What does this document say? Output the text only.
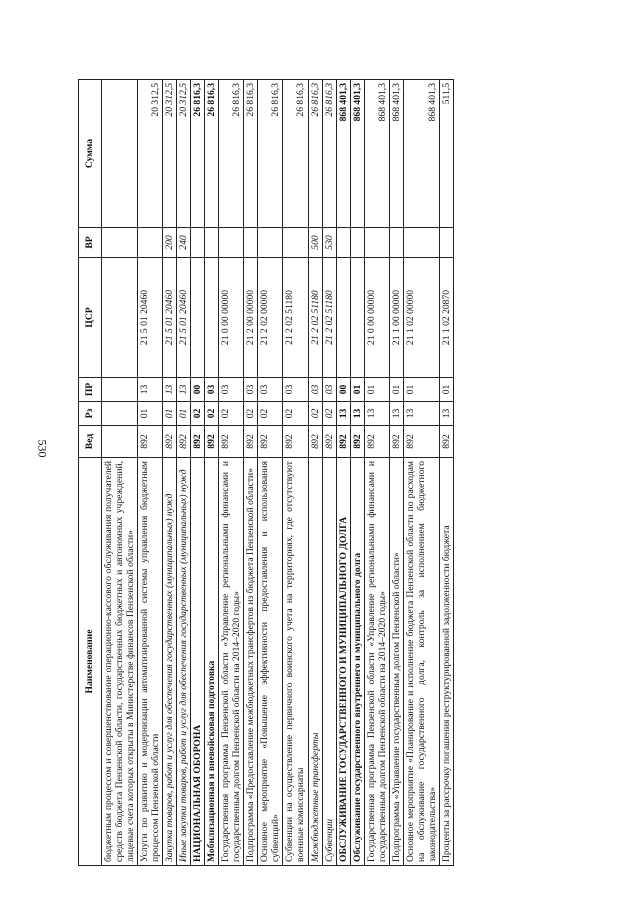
530
Наименование	Вед	Рз	ПР	ЦСР	ВР	Сумма
бюджетным процессом и совершенствование операционно-кассового обслуживания получателей средств бюджета Пензенской области, государственных бюджетных и автономных учреждений, лицевые счета которых открыты в Министерстве финансов Пензенской области»						
Услуги по развитию и модернизации автоматизированной системы управления бюджетным процессом Пензенской области	892	01	13	21 5 01 20460		20 312,5
Закупка товаров, работ и услуг для обеспечения государственных (муниципальных) нужд	892	01	13	21 5 01 20460	200	20 312,5
Иные закупки товаров, работ и услуг для обеспечения государственных (муниципальных) нужд	892	01	13	21 5 01 20460	240	20 312,5
НАЦИОНАЛЬНАЯ ОБОРОНА	892	02	00			26 816,3
Мобилизационная и вневойсковая подготовка	892	02	03			26 816,3
Государственная программа Пензенской области «Управление региональными финансами и государственным долгом Пензенской области на 2014–2020 годы»	892	02	03	21 0 00 00000		26 816,3
Подпрограмма «Предоставление межбюджетных трансфертов из бюджета Пензенской области»	892	02	03	21 2 00 00000		26 816,3
Основное мероприятие «Повышение эффективности предоставления и использования субвенций»	892	02	03	21 2 02 00000		26 816,3
Субвенции на осуществление первичного воинского учета на территориях, где отсутствуют военные комиссариаты	892	02	03	21 2 02 51180		26 816,3
Межбюджетные трансферты	892	02	03	21 2 02 51180	500	26 816,3
Субвенции	892	02	03	21 2 02 51180	530	26 816,3
ОБСЛУЖИВАНИЕ ГОСУДАРСТВЕННОГО И МУНИЦИПАЛЬНОГО ДОЛГА	892	13	00			868 401,3
Обслуживание государственного внутреннего и муниципального долга	892	13	01			868 401,3
Государственная программа Пензенской области «Управление региональными финансами и государственным долгом Пензенской области на 2014–2020 годы»	892	13	01	21 0 00 00000		868 401,3
Подпрограмма «Управление государственным долгом Пензенской области»	892	13	01	21 1 00 00000		868 401,3
Основное мероприятие «Планирование и исполнение бюджета Пензенской области по расходам на обслуживание государственного долга, контроль за исполнением бюджетного законодательства»	892	13	01	21 1 02 00000		868 401,3
Проценты за рассрочку погашения реструктурированной задолженности бюджета	892	13	01	21 1 02 20870		511,5
